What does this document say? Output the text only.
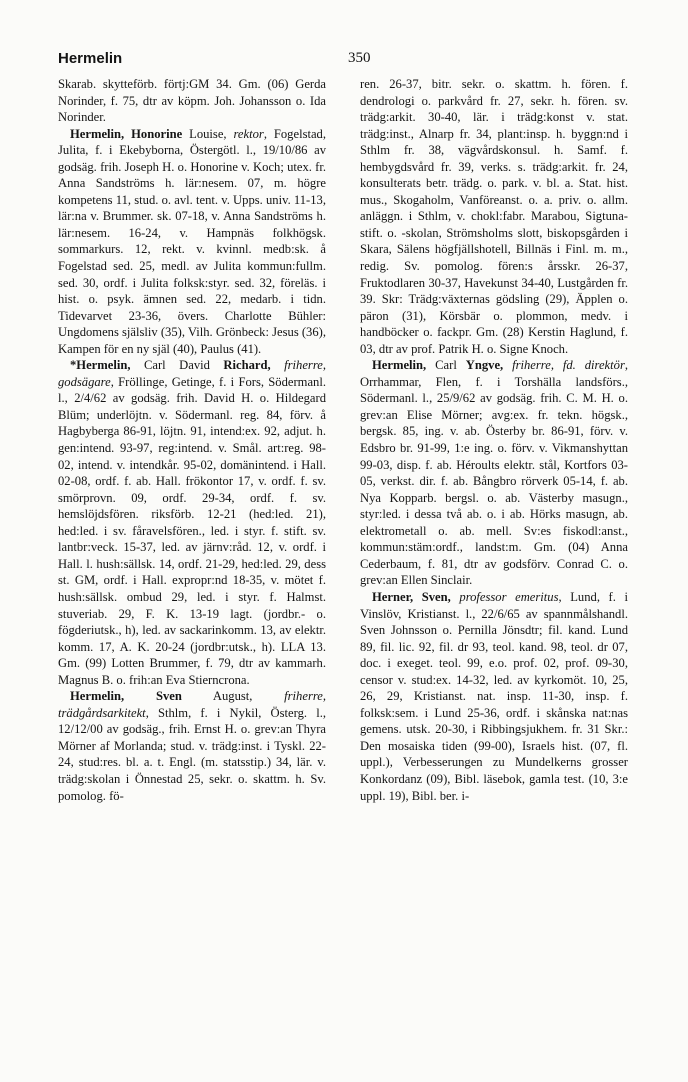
Hermelin	350

Skarab. skytteförb. förtj:GM 34. Gm. (06) Gerda Norinder, f. 75, dtr av köpm. Joh. Johansson o. Ida Norinder.

Hermelin, Honorine Louise, rektor, Fogelstad, Julita, f. i Ekebyborna, Östergötl. l., 19/10/86 av godsäg. frih. Joseph H. o. Honorine v. Koch; utex. fr. Anna Sandströms h. lär:nesem. 07, m. högre kompetens 11, stud. o. avl. tent. v. Upps. univ. 11-13, lär:na v. Brummer. sk. 07-18, v. Anna Sandströms h. lär:nesem. 16-24, v. Hampnäs folkhögsk. sommarkurs. 12, rekt. v. kvinnl. medb:sk. å Fogelstad sed. 25, medl. av Julita kommun:fullm. sed. 30, ordf. i Julita folksk:styr. sed. 32, föreläs. i hist. o. psyk. ämnen sed. 22, medarb. i tidn. Tidevarvet 23-36, övers. Charlotte Bühler: Ungdomens själsliv (35), Vilh. Grönbeck: Jesus (36), Kampen för en ny själ (40), Paulus (41).

*Hermelin, Carl David Richard, friherre, godsägare, Fröllinge, Getinge, f. i Fors, Södermanl. l., 2/4/62 av godsäg. frih. David H. o. Hildegard Blüm; underlöjtn. v. Södermanl. reg. 84, förv. å Hagbyberga 86-91, löjtn. 91, intend:ex. 92, adjut. h. gen:intend. 93-97, reg:intend. v. Smål. art:reg. 98-02, intend. v. intendkår. 95-02, domänintend. i Hall. 02-08, ordf. f. ab. Hall. frökontor 17, v. ordf. f. sv. smörprovn. 09, ordf. 29-34, ordf. f. sv. hemslöjdsfören. riksförb. 12-21 (hed:led. 21), hed:led. i sv. fåravelsfören., led. i styr. f. stift. sv. lantbr:veck. 15-37, led. av järnv:råd. 12, v. ordf. i Hall. l. hush:sällsk. 14, ordf. 21-29, hed:led. 29, dess st. GM, ordf. i Hall. expropr:nd 18-35, v. mötet f. hush:sällsk. ombud 29, led. i styr. f. Halmst. stuveriab. 29, F. K. 13-19 lagt. (jordbr.- o. fögderiutsk., h), led. av sackarinkomm. 13, av elektr. komm. 17, A. K. 20-24 (jordbr:utsk., h). LLA 13. Gm. (99) Lotten Brummer, f. 79, dtr av kammarh. Magnus B. o. frih:an Eva Stierncrona.

Hermelin, Sven August, friherre, trädgårdsarkitekt, Sthlm, f. i Nykil, Österg. l., 12/12/00 av godsäg., frih. Ernst H. o. grev:an Thyra Mörner af Morlanda; stud. v. trädg:inst. i Tyskl. 22-24, stud:res. bl. a. t. Engl. (m. statsstip.) 34, lär. v. trädg:skolan i Önnestad 25, sekr. o. skattm. h. Sv. pomolog. fö-

ren. 26-37, bitr. sekr. o. skattm. h. fören. f. dendrologi o. parkvård fr. 27, sekr. h. fören. sv. trädg:arkit. 30-40, lär. i trädg:konst v. stat. trädg:inst., Alnarp fr. 34, plant:insp. h. byggn:nd i Sthlm fr. 38, vägvårdskonsul. h. Samf. f. hembygdsvård fr. 39, verks. s. trädg:arkit. fr. 24, konsulterats betr. trädg. o. park. v. bl. a. Stat. hist. mus., Skogaholm, Vanföreanst. o. a. priv. o. allm. anläggn. i Sthlm, v. chokl:fabr. Marabou, Sigtuna-stift. o. -skolan, Strömsholms slott, biskopsgården i Skara, Sälens högfjällshotell, Billnäs i Finl. m. m., redig. Sv. pomolog. fören:s årsskr. 26-37, Fruktodlaren 30-37, Havekunst 34-40, Lustgården fr. 39. Skr: Trädg:växternas gödsling (29), Äpplen o. päron (31), Körsbär o. plommon, medv. i handböcker o. fackpr. Gm. (28) Kerstin Haglund, f. 03, dtr av prof. Patrik H. o. Signe Knoch.

Hermelin, Carl Yngve, friherre, fd. direktör, Orrhammar, Flen, f. i Torshälla landsförs., Södermanl. l., 25/9/62 av godsäg. frih. C. M. H. o. grev:an Elise Mörner; avg:ex. fr. tekn. högsk., bergsk. 85, ing. v. ab. Österby br. 86-91, förv. v. Edsbro br. 91-99, 1:e ing. o. förv. v. Vikmanshyttan 99-03, disp. f. ab. Héroults elektr. stål, Kortfors 03-05, verkst. dir. f. ab. Bångbro rörverk 05-14, f. ab. Nya Kopparb. bergsl. o. ab. Västerby masugn., styr:led. i dessa två ab. o. i ab. Hörks masugn, ab. elektrometall o. ab. mell. Sv:es fiskodl:anst., kommun:stäm:ordf., landst:m. Gm. (04) Anna Cederbaum, f. 81, dtr av godsförv. Conrad C. o. grev:an Ellen Sinclair.

Herner, Sven, professor emeritus, Lund, f. i Vinslöv, Kristianst. l., 22/6/65 av spannmålshandl. Sven Johnsson o. Pernilla Jönsdtr; fil. kand. Lund 89, fil. lic. 92, fil. dr 93, teol. kand. 98, teol. dr 07, doc. i exeget. teol. 99, e.o. prof. 02, prof. 09-30, censor v. stud:ex. 14-32, led. av kyrkomöt. 10, 25, 26, 29, Kristianst. nat. insp. 11-30, insp. f. folksk:sem. i Lund 25-36, ordf. i skånska nat:nas gemens. utsk. 20-30, i Ribbingsjukhem. fr. 31 Skr.: Den mosaiska tiden (99-00), Israels hist. (07, fl. uppl.), Verbesserungen zu Mundelkerns grosser Konkordanz (09), Bibl. läsebok, gamla test. (10, 3:e uppl. 19), Bibl. ber. i-
